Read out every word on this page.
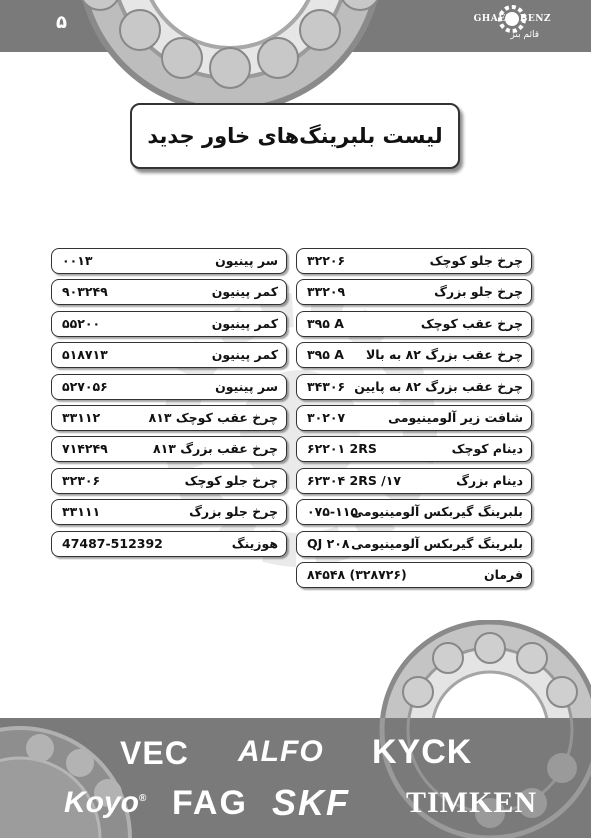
۵	GHAEM BENZ
قائم بنز
لیست بلبرینگ‌های خاور جدید
چرخ جلو کوچک
۳۲۲۰۶
چرخ جلو بزرگ
۳۳۲۰۹
چرخ عقب کوچک
۳۹۵ A
چرخ عقب بزرگ ۸۲ به بالا
۳۹۵ A
چرخ عقب بزرگ ۸۲ به پایین
۳۴۳۰۶
شافت زیر آلومینیومی
۳۰۲۰۷
دینام کوچک
۶۲۲۰۱ 2RS
دینام بزرگ
۶۲۳۰۴ 2RS /۱۷
بلبرینگ گیربکس آلومینیومی
۰۷۵-۱۱۵
بلبرینگ گیربکس آلومینیومی
QJ ۲۰۸
فرمان
۸۴۵۴۸ (۳۲۸۷۲۶)
سر پینیون
۰۰۱۳
کمر پینیون
۹۰۳۲۴۹
کمر پینیون
۵۵۲۰۰
کمر پینیون
۵۱۸۷۱۳
سر پینیون
۵۲۷۰۵۶
چرخ عقب کوچک ۸۱۳
۳۳۱۱۲
چرخ عقب بزرگ ۸۱۳
۷۱۴۲۴۹
چرخ جلو کوچک
۳۲۳۰۶
چرخ جلو بزرگ
۳۳۱۱۱
هوزینگ
47487-512392
VEC ALFO KYCK
Koyo® FAG SKF TIMKEN
